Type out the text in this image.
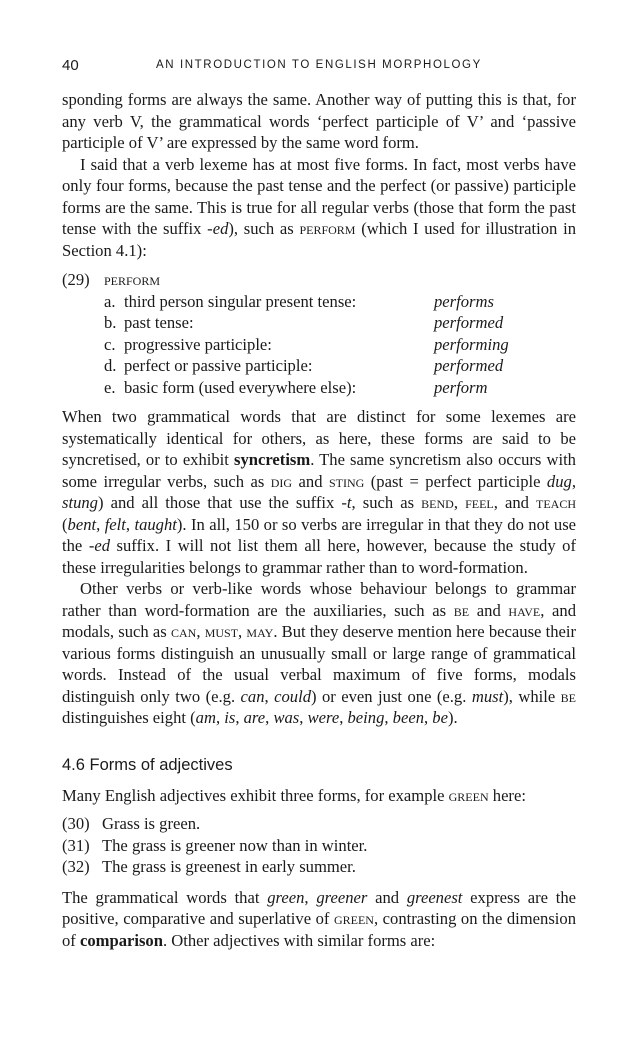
40	AN INTRODUCTION TO ENGLISH MORPHOLOGY

sponding forms are always the same. Another way of putting this is that, for any verb V, the grammatical words ‘perfect participle of V’ and ‘passive participle of V’ are expressed by the same word form.

I said that a verb lexeme has at most five forms. In fact, most verbs have only four forms, because the past tense and the perfect (or passive) participle forms are the same. This is true for all regular verbs (those that form the past tense with the suffix -ed), such as perform (which I used for illustration in Section 4.1):

(29) perform
a. third person singular present tense:	performs
b. past tense:	performed
c. progressive participle:	performing
d. perfect or passive participle:	performed
e. basic form (used everywhere else):	perform

When two grammatical words that are distinct for some lexemes are systematically identical for others, as here, these forms are said to be syncretised, or to exhibit syncretism. The same syncretism also occurs with some irregular verbs, such as dig and sting (past = perfect participle dug, stung) and all those that use the suffix -t, such as bend, feel, and teach (bent, felt, taught). In all, 150 or so verbs are irregular in that they do not use the -ed suffix. I will not list them all here, however, because the study of these irregularities belongs to grammar rather than to word-formation.

Other verbs or verb-like words whose behaviour belongs to grammar rather than word-formation are the auxiliaries, such as be and have, and modals, such as can, must, may. But they deserve mention here because their various forms distinguish an unusually small or large range of grammatical words. Instead of the usual verbal maximum of five forms, modals distinguish only two (e.g. can, could) or even just one (e.g. must), while be distinguishes eight (am, is, are, was, were, being, been, be).

4.6 Forms of adjectives

Many English adjectives exhibit three forms, for example green here:

(30) Grass is green.
(31) The grass is greener now than in winter.
(32) The grass is greenest in early summer.

The grammatical words that green, greener and greenest express are the positive, comparative and superlative of green, contrasting on the dimension of comparison. Other adjectives with similar forms are:
